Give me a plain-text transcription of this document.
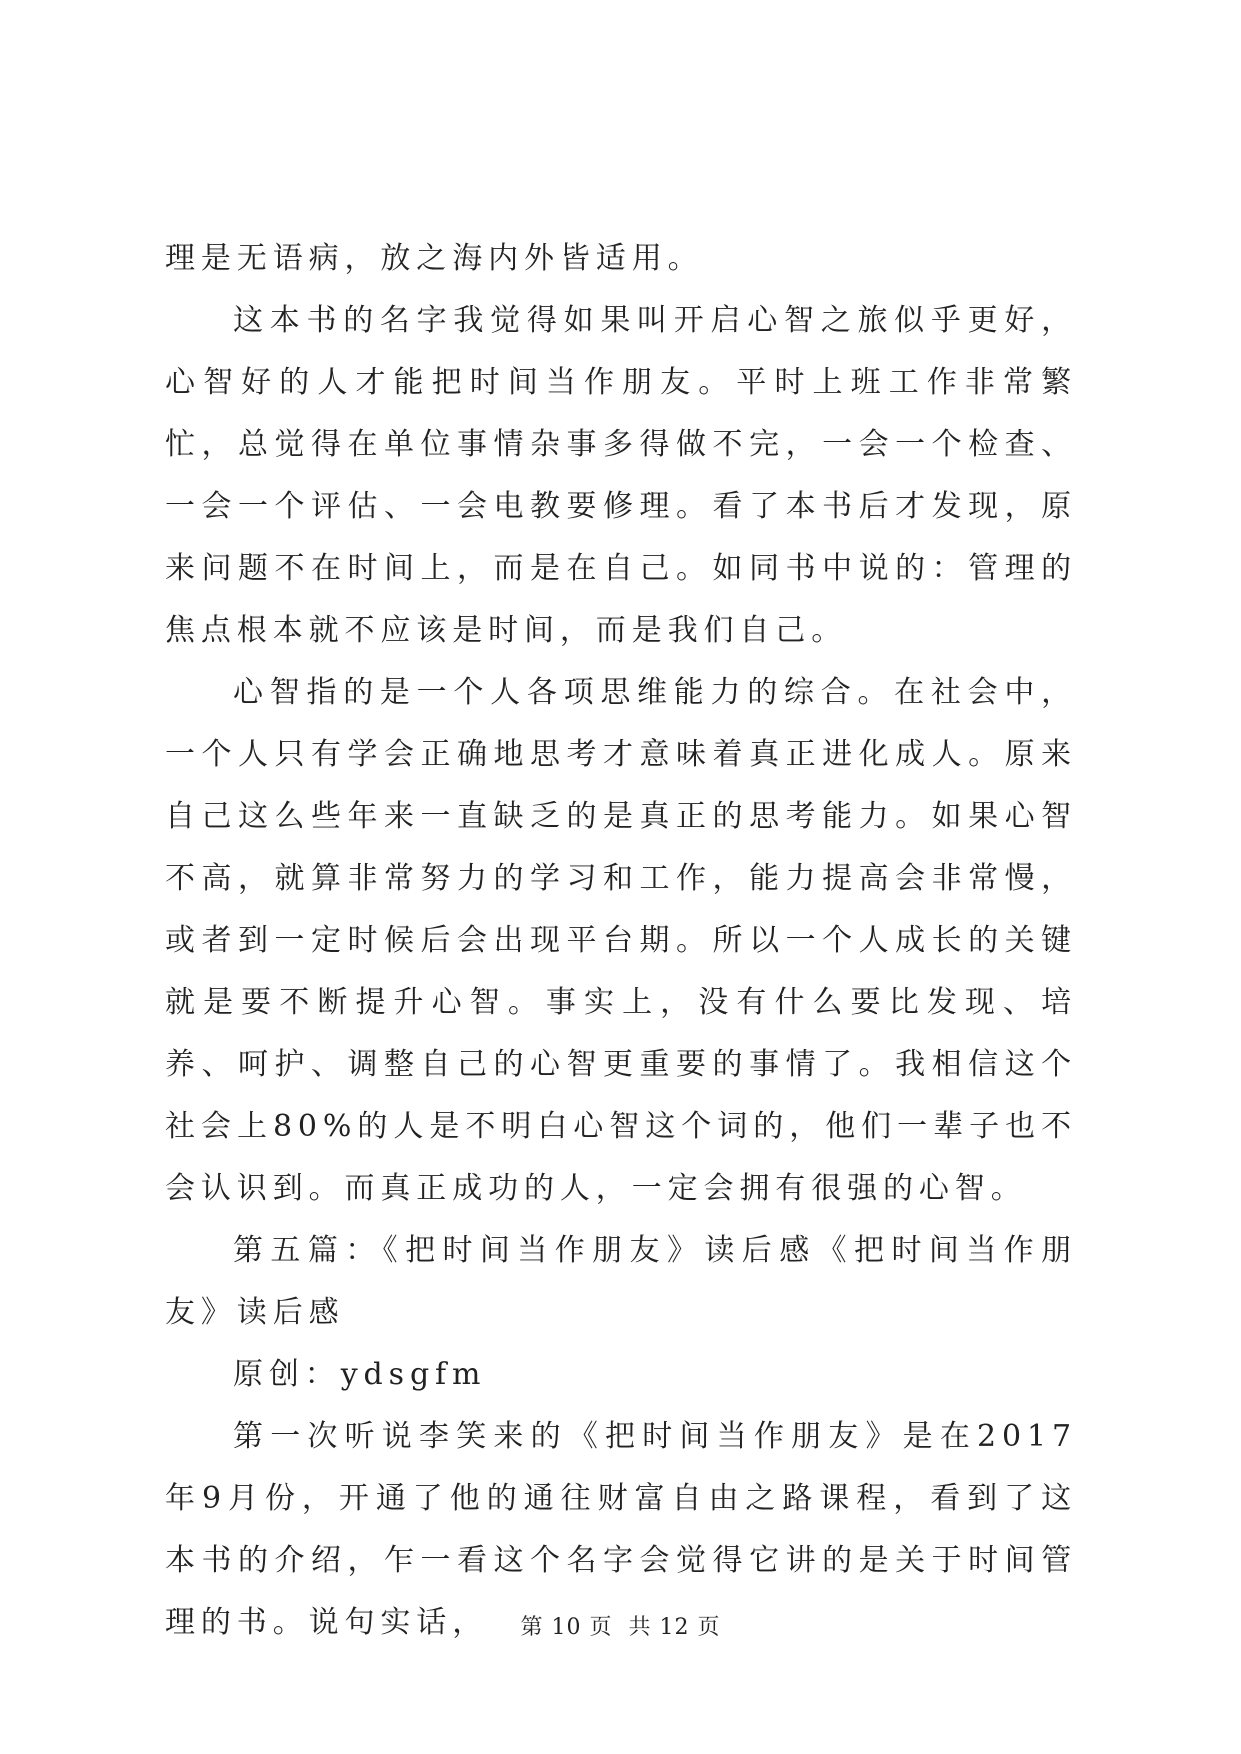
理是无语病，放之海内外皆适用。

这本书的名字我觉得如果叫开启心智之旅似乎更好，心智好的人才能把时间当作朋友。平时上班工作非常繁忙，总觉得在单位事情杂事多得做不完，一会一个检查、一会一个评估、一会电教要修理。看了本书后才发现，原来问题不在时间上，而是在自己。如同书中说的：管理的焦点根本就不应该是时间，而是我们自己。

心智指的是一个人各项思维能力的综合。在社会中，一个人只有学会正确地思考才意味着真正进化成人。原来自己这么些年来一直缺乏的是真正的思考能力。如果心智不高，就算非常努力的学习和工作，能力提高会非常慢，或者到一定时候后会出现平台期。所以一个人成长的关键就是要不断提升心智。事实上，没有什么要比发现、培养、呵护、调整自己的心智更重要的事情了。我相信这个社会上80%的人是不明白心智这个词的，他们一辈子也不会认识到。而真正成功的人，一定会拥有很强的心智。

第五篇：《把时间当作朋友》读后感《把时间当作朋友》读后感

原创：ydsgfm

第一次听说李笑来的《把时间当作朋友》是在2017年9月份，开通了他的通往财富自由之路课程，看到了这本书的介绍，乍一看这个名字会觉得它讲的是关于时间管理的书。说句实话，	第 10 页  共 12 页
